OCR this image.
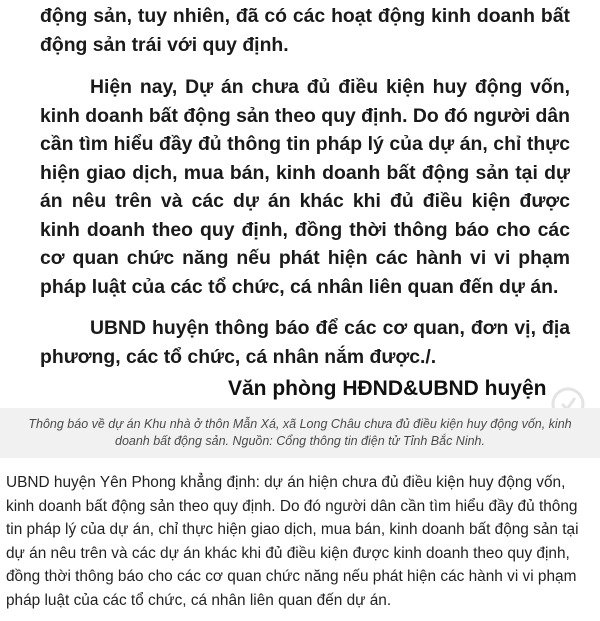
động sản, tuy nhiên, đã có các hoạt động kinh doanh bất động sản trái với quy định.

Hiện nay, Dự án chưa đủ điều kiện huy động vốn, kinh doanh bất động sản theo quy định. Do đó người dân cần tìm hiểu đầy đủ thông tin pháp lý của dự án, chỉ thực hiện giao dịch, mua bán, kinh doanh bất động sản tại dự án nêu trên và các dự án khác khi đủ điều kiện được kinh doanh theo quy định, đồng thời thông báo cho các cơ quan chức năng nếu phát hiện các hành vi vi phạm pháp luật của các tổ chức, cá nhân liên quan đến dự án.

UBND huyện thông báo để các cơ quan, đơn vị, địa phương, các tổ chức, cá nhân nắm được./.

Văn phòng HĐND&UBND huyện
Thông báo về dự án Khu nhà ở thôn Mẫn Xá, xã Long Châu chưa đủ điều kiện huy động vốn, kinh doanh bất động sản. Nguồn: Cổng thông tin điện tử Tỉnh Bắc Ninh.

UBND huyện Yên Phong khẳng định: dự án hiện chưa đủ điều kiện huy động vốn, kinh doanh bất động sản theo quy định. Do đó người dân cần tìm hiểu đầy đủ thông tin pháp lý của dự án, chỉ thực hiện giao dịch, mua bán, kinh doanh bất động sản tại dự án nêu trên và các dự án khác khi đủ điều kiện được kinh doanh theo quy định, đồng thời thông báo cho các cơ quan chức năng nếu phát hiện các hành vi vi phạm pháp luật của các tổ chức, cá nhân liên quan đến dự án.
